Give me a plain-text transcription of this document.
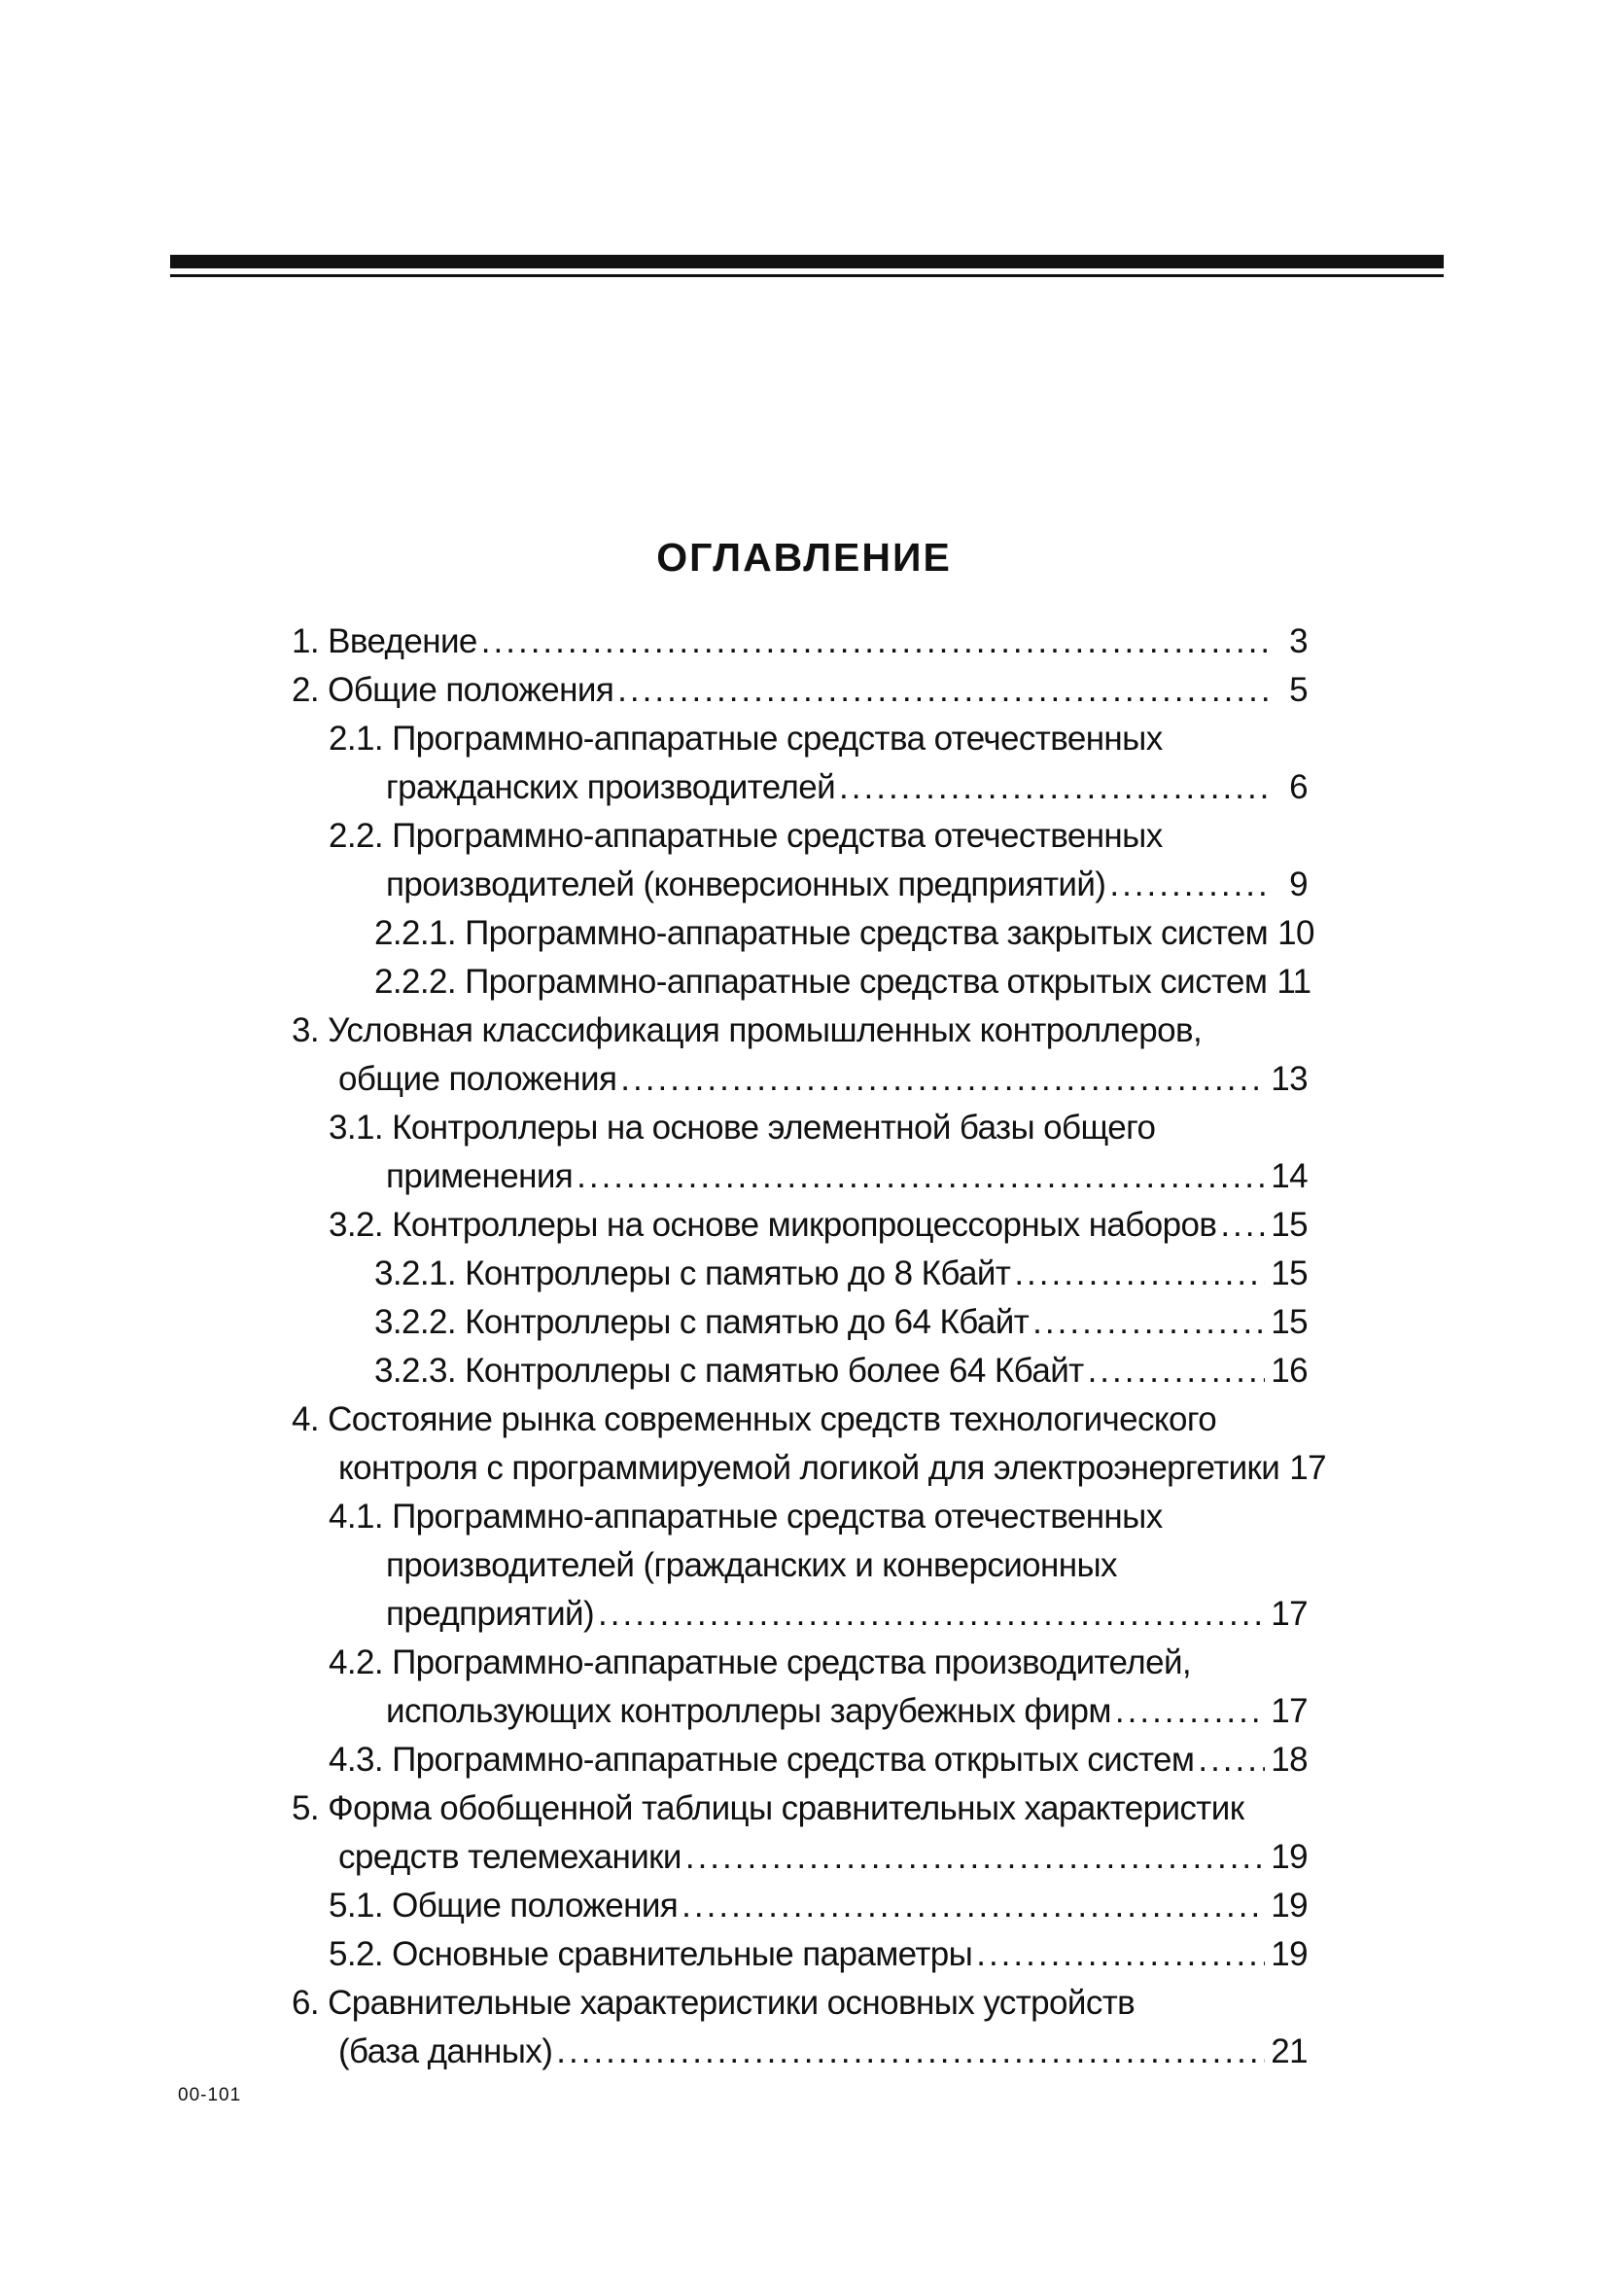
ОГЛАВЛЕНИЕ
1. Введение .....	3
2. Общие положения .....	5
2.1. Программно-аппаратные средства отечественных
гражданских производителей .....	6
2.2. Программно-аппаратные средства отечественных
производителей (конверсионных предприятий) .....	9
2.2.1. Программно-аппаратные средства закрытых систем 10
2.2.2. Программно-аппаратные средства открытых систем 11
3. Условная классификация промышленных контроллеров,
общие положения .....	13
3.1. Контроллеры на основе элементной базы общего
применения .....	14
3.2. Контроллеры на основе микропроцессорных наборов ..... 15
3.2.1. Контроллеры с памятью до 8 Кбайт .....	15
3.2.2. Контроллеры с памятью до 64 Кбайт .....	15
3.2.3. Контроллеры с памятью более 64 Кбайт .....	16
4. Состояние рынка современных средств технологического
контроля с программируемой логикой для электроэнергетики 17
4.1. Программно-аппаратные средства отечественных
производителей (гражданских и конверсионных
предприятий) .....	17
4.2. Программно-аппаратные средства производителей,
использующих контроллеры зарубежных фирм .....	17
4.3. Программно-аппаратные средства открытых систем ..... 18
5. Форма обобщенной таблицы сравнительных характеристик
средств телемеханики .....	19
5.1. Общие положения .....	19
5.2. Основные сравнительные параметры .....	19
6. Сравнительные характеристики основных устройств
(база данных) .....	21
00-101
